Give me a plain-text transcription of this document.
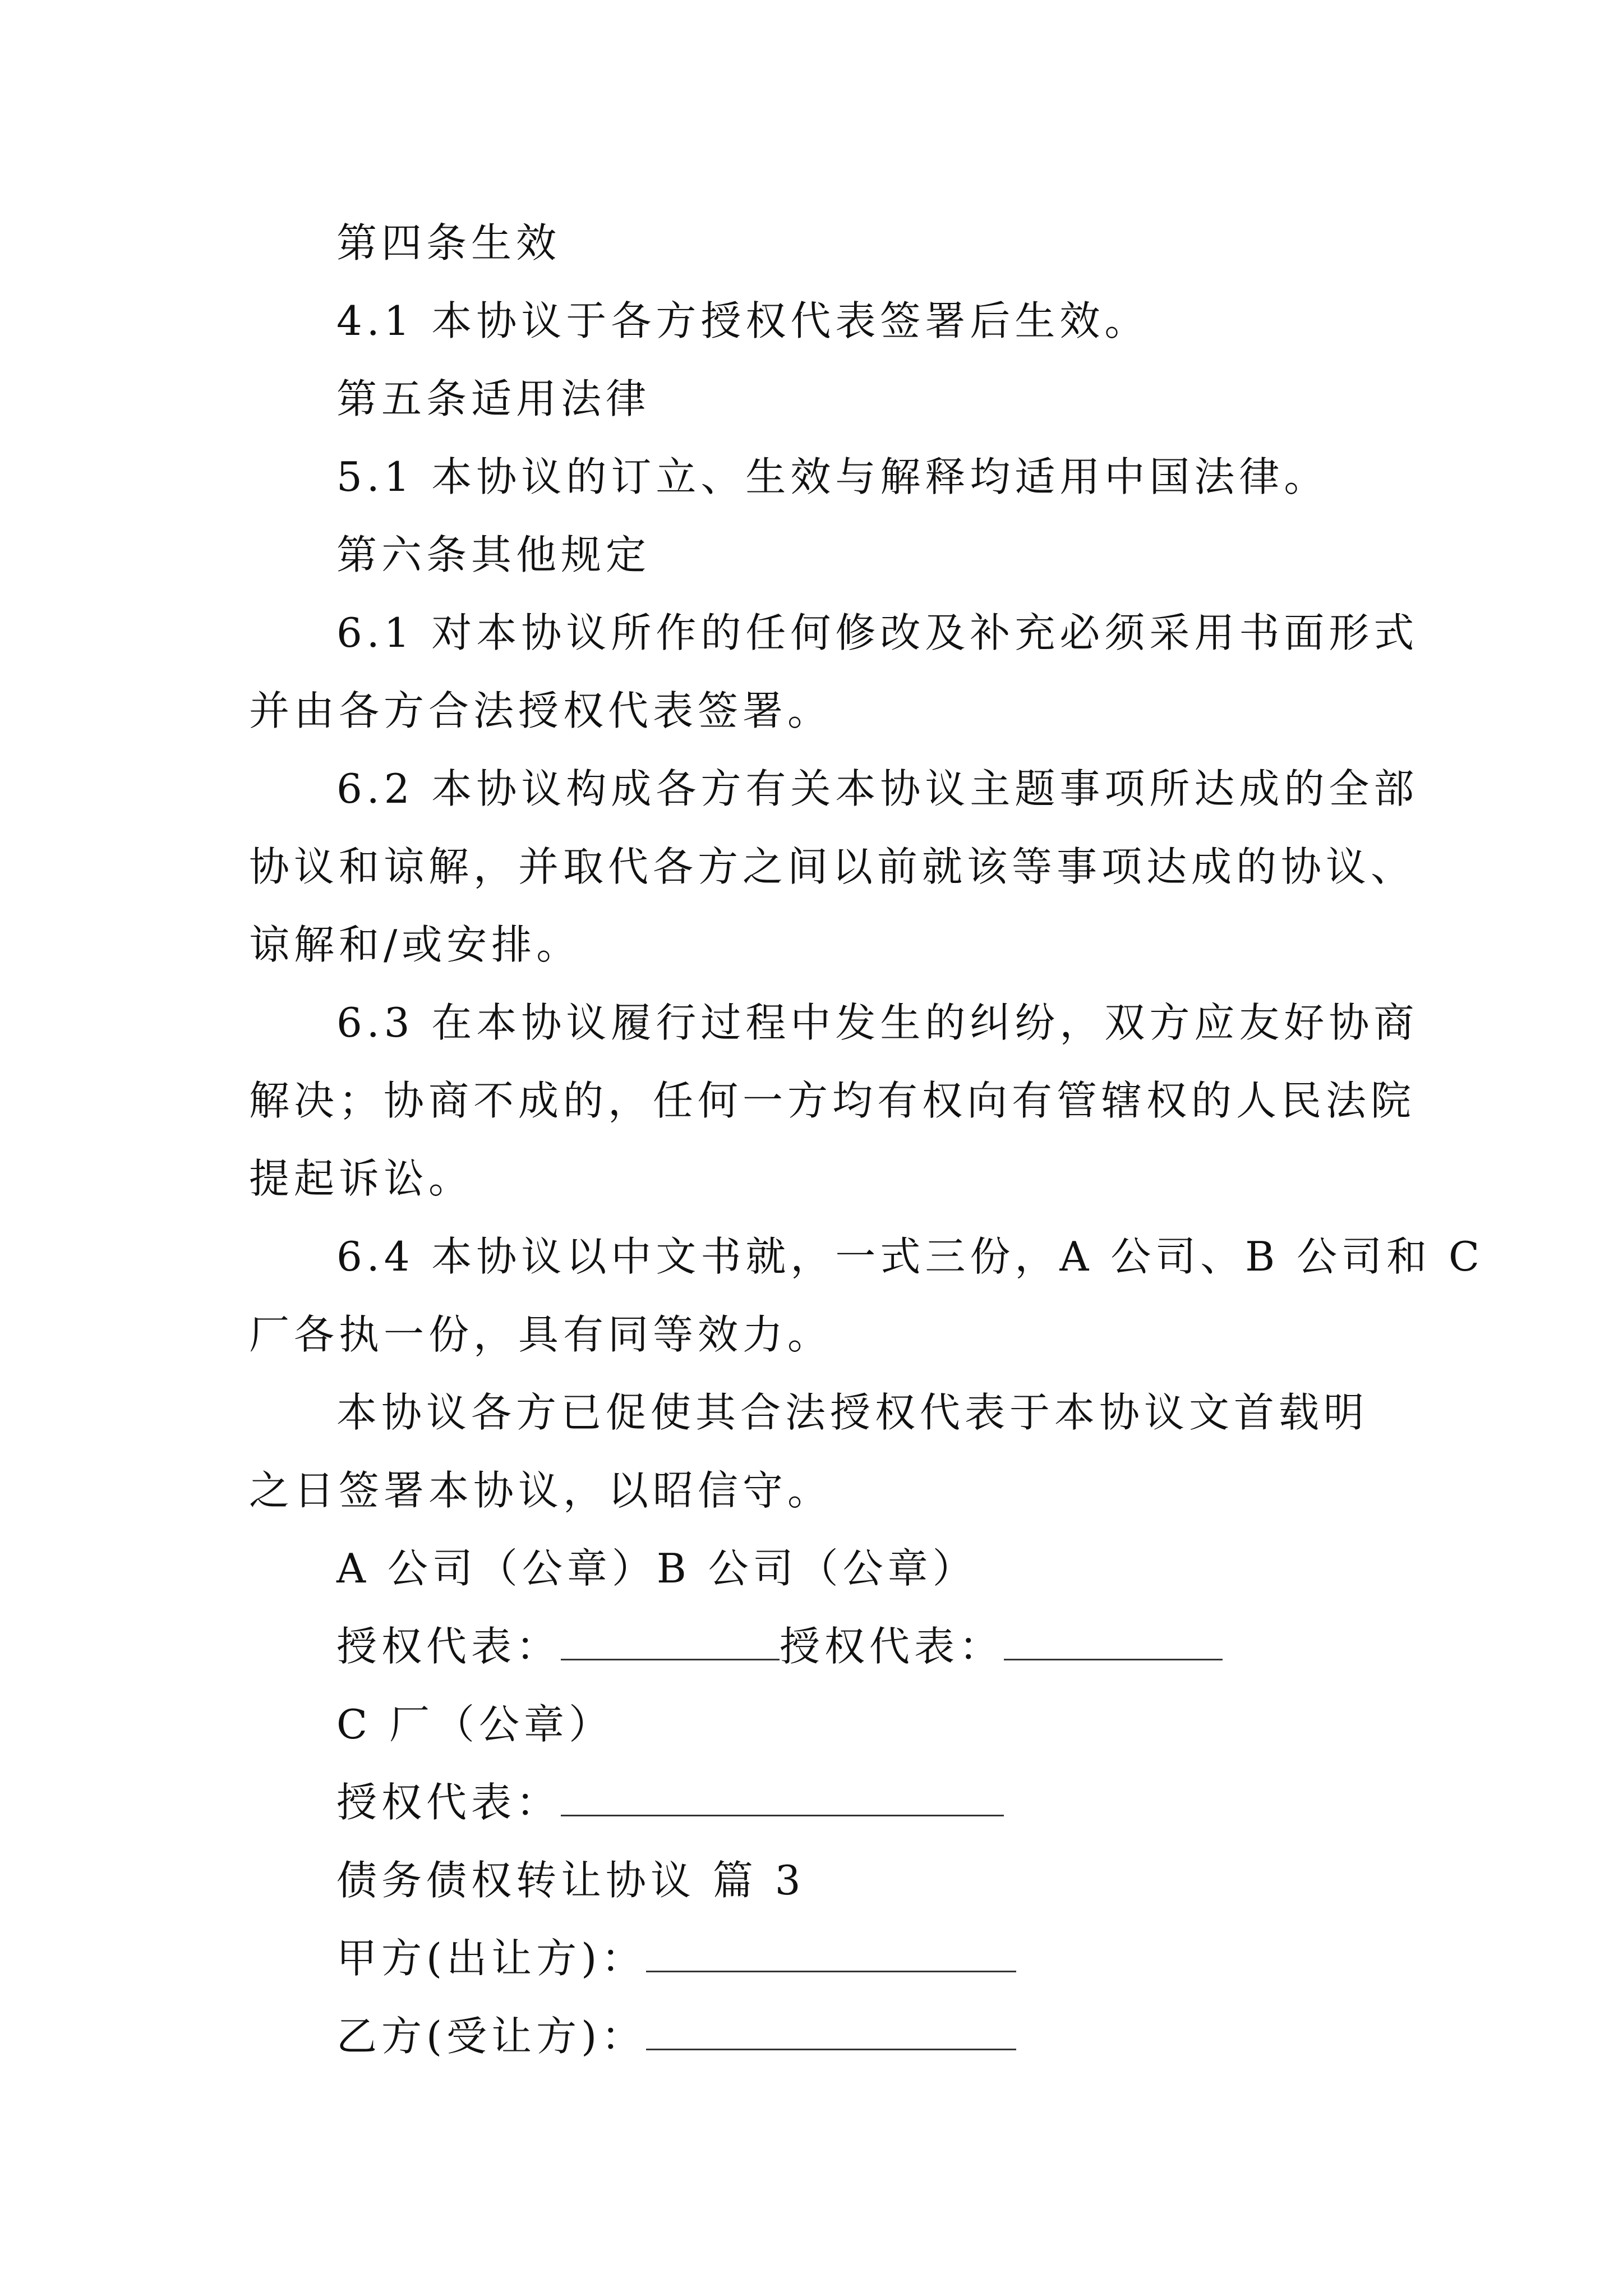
第四条生效
4.1 本协议于各方授权代表签署后生效。
第五条适用法律
5.1 本协议的订立、生效与解释均适用中国法律。
第六条其他规定
6.1 对本协议所作的任何修改及补充必须采用书面形式
并由各方合法授权代表签署。
6.2 本协议构成各方有关本协议主题事项所达成的全部
协议和谅解，并取代各方之间以前就该等事项达成的协议、
谅解和/或安排。
6.3 在本协议履行过程中发生的纠纷，双方应友好协商
解决；协商不成的，任何一方均有权向有管辖权的人民法院
提起诉讼。
6.4 本协议以中文书就，一式三份，A 公司、B 公司和 C
厂各执一份，具有同等效力。
本协议各方已促使其合法授权代表于本协议文首载明
之日签署本协议，以昭信守。
A 公司（公章）B 公司（公章）
授权代表：	授权代表：
C 厂（公章）
授权代表：
债务债权转让协议 篇 3
甲方(出让方)：
乙方(受让方)：
